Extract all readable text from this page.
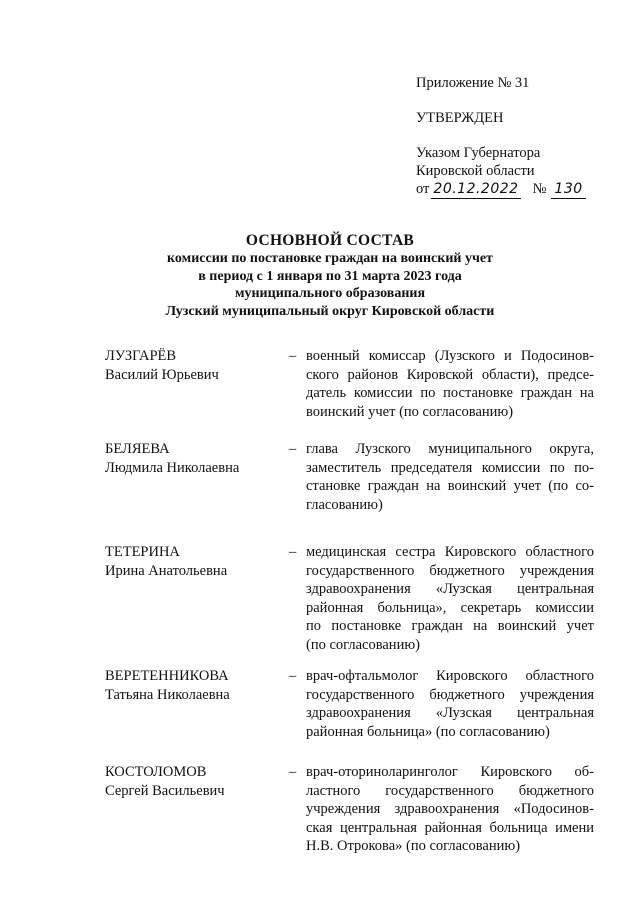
Приложение № 31
УТВЕРЖДЕН
Указом Губернатора
Кировской области
от 20.12.2022 № 130
ОСНОВНОЙ СОСТАВ
комиссии по постановке граждан на воинский учет
в период с 1 января по 31 марта 2023 года
муниципального образования
Лузский муниципальный округ Кировской области
ЛУЗГАРЁВ
Василий Юрьевич
– военный комиссар (Лузского и Подосинов-
ского районов Кировской области), предсе-
датель комиссии по постановке граждан на
воинский учет (по согласованию)
БЕЛЯЕВА
Людмила Николаевна
– глава Лузского муниципального округа,
заместитель председателя комиссии по по-
становке граждан на воинский учет (по со-
гласованию)
ТЕТЕРИНА
Ирина Анатольевна
– медицинская сестра Кировского областного
государственного бюджетного учреждения
здравоохранения «Лузская центральная
районная больница», секретарь комиссии
по постановке граждан на воинский учет
(по согласованию)
ВЕРЕТЕННИКОВА
Татьяна Николаевна
– врач-офтальмолог Кировского областного
государственного бюджетного учреждения
здравоохранения «Лузская центральная
районная больница» (по согласованию)
КОСТОЛОМОВ
Сергей Васильевич
– врач-оториноларинголог Кировского об-
ластного государственного бюджетного
учреждения здравоохранения «Подосинов-
ская центральная районная больница имени
Н.В. Отрокова» (по согласованию)
